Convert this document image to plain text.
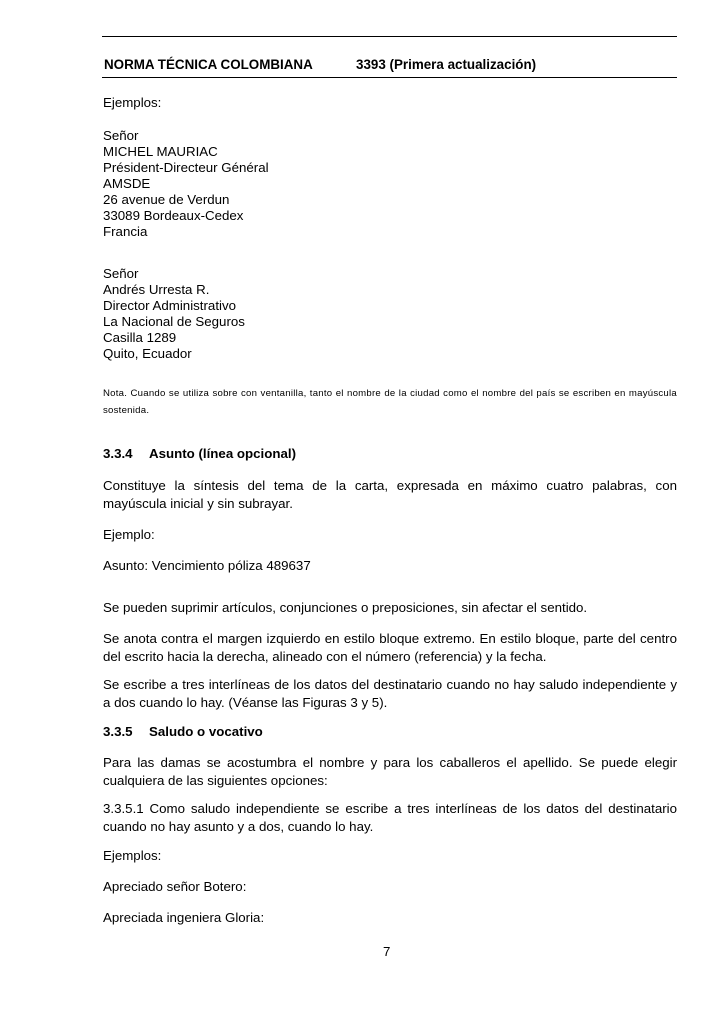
NORMA TÉCNICA COLOMBIANA	3393 (Primera actualización)
Ejemplos:
Señor
MICHEL MAURIAC
Président-Directeur Général
AMSDE
26 avenue de Verdun
33089 Bordeaux-Cedex
Francia
Señor
Andrés Urresta R.
Director Administrativo
La Nacional de Seguros
Casilla 1289
Quito, Ecuador
Nota. Cuando se utiliza sobre con ventanilla, tanto el nombre de la ciudad como el nombre del país se escriben en mayúscula sostenida.
3.3.4 Asunto (línea opcional)
Constituye la síntesis del tema de la carta, expresada en máximo cuatro palabras, con mayúscula inicial y sin subrayar.
Ejemplo:
Asunto: Vencimiento póliza 489637
Se pueden suprimir artículos, conjunciones o preposiciones, sin afectar el sentido.
Se anota contra el margen izquierdo en estilo bloque extremo. En estilo bloque, parte del centro del escrito hacia la derecha, alineado con el número (referencia) y la fecha.
Se escribe a tres interlíneas de los datos del destinatario cuando no hay saludo independiente y a dos cuando lo hay. (Véanse las Figuras 3 y 5).
3.3.5 Saludo o vocativo
Para las damas se acostumbra el nombre y para los caballeros el apellido. Se puede elegir cualquiera de las siguientes opciones:
3.3.5.1 Como saludo independiente se escribe a tres interlíneas de los datos del destinatario cuando no hay asunto y a dos, cuando lo hay.
Ejemplos:
Apreciado señor Botero:
Apreciada ingeniera Gloria:
7
